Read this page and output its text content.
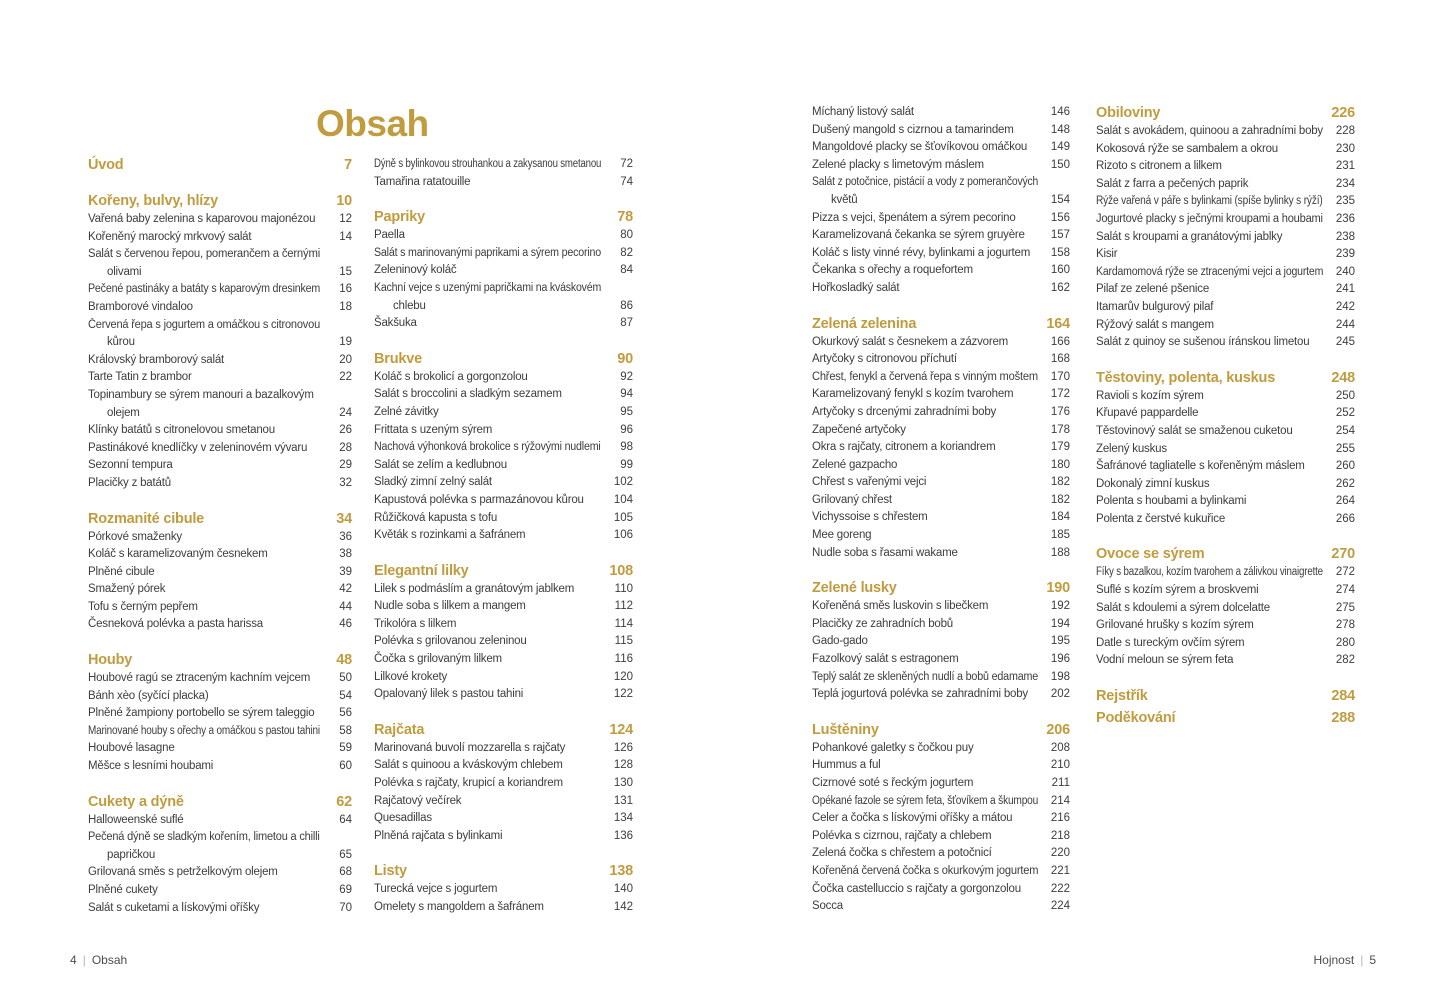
Obsah
Úvod	7
Kořeny, bulvy, hlízy	10
Vařená baby zelenina s kaparovou majonézou	12
Kořeněný marocký mrkvový salát	14
Salát s červenou řepou, pomerančem a černými
olivami	15
Pečené pastináky a batáty s kaparovým dresinkem	16
Bramborové vindaloo	18
Červená řepa s jogurtem a omáčkou s citronovou
kůrou	19
Královský bramborový salát	20
Tarte Tatin z brambor	22
Topinambury se sýrem manouri a bazalkovým
olejem	24
Klínky batátů s citronelovou smetanou	26
Pastinákové knedlíčky v zeleninovém vývaru	28
Sezonní tempura	29
Placičky z batátů	32
Rozmanité cibule	34
Pórkové smaženky	36
Koláč s karamelizovaným česnekem	38
Plněné cibule	39
Smažený pórek	42
Tofu s černým pepřem	44
Česneková polévka a pasta harissa	46
Houby	48
Houbové ragú se ztraceným kachním vejcem	50
Bánh xèo (syčící placka)	54
Plněné žampiony portobello se sýrem taleggio	56
Marinované houby s ořechy a omáčkou s pastou tahini	58
Houbové lasagne	59
Měšce s lesními houbami	60
Cukety a dýně	62
Halloweenské suflé	64
Pečená dýně se sladkým kořením, limetou a chilli
papričkou	65
Grilovaná směs s petrželkovým olejem	68
Plněné cukety	69
Salát s cuketami a lískovými oříšky	70
Dýně s bylinkovou strouhankou a zakysanou smetanou	72
Tamařina ratatouille	74
Papriky	78
Paella	80
Salát s marinovanými paprikami a sýrem pecorino	82
Zeleninový koláč	84
Kachní vejce s uzenými papričkami na kváskovém
chlebu	86
Šakšuka	87
Brukve	90
Koláč s brokolicí a gorgonzolou	92
Salát s broccolini a sladkým sezamem	94
Zelné závitky	95
Frittata s uzeným sýrem	96
Nachová výhonková brokolice s rýžovými nudlemi	98
Salát se zelím a kedlubnou	99
Sladký zimní zelný salát	102
Kapustová polévka s parmazánovou kůrou	104
Růžičková kapusta s tofu	105
Květák s rozinkami a šafránem	106
Elegantní lilky	108
Lilek s podmáslím a granátovým jablkem	110
Nudle soba s lilkem a mangem	112
Trikolóra s lilkem	114
Polévka s grilovanou zeleninou	115
Čočka s grilovaným lilkem	116
Lilkové krokety	120
Opalovaný lilek s pastou tahini	122
Rajčata	124
Marinovaná buvolí mozzarella s rajčaty	126
Salát s quinoou a kváskovým chlebem	128
Polévka s rajčaty, krupicí a koriandrem	130
Rajčatový večírek	131
Quesadillas	134
Plněná rajčata s bylinkami	136
Listy	138
Turecká vejce s jogurtem	140
Omelety s mangoldem a šafránem	142
Míchaný listový salát	146
Dušený mangold s cizrnou a tamarindem	148
Mangoldové placky se šťovíkovou omáčkou	149
Zelené placky s limetovým máslem	150
Salát z potočnice, pistácií a vody z pomerančových
květů	154
Pizza s vejci, špenátem a sýrem pecorino	156
Karamelizovaná čekanka se sýrem gruyère	157
Koláč s listy vinné révy, bylinkami a jogurtem	158
Čekanka s ořechy a roquefortem	160
Hořkosladký salát	162
Zelená zelenina	164
Okurkový salát s česnekem a zázvorem	166
Artyčoky s citronovou příchutí	168
Chřest, fenykl a červená řepa s vinným moštem	170
Karamelizovaný fenykl s kozím tvarohem	172
Artyčoky s drcenými zahradními boby	176
Zapečené artyčoky	178
Okra s rajčaty, citronem a koriandrem	179
Zelené gazpacho	180
Chřest s vařenými vejci	182
Grilovaný chřest	182
Vichyssoise s chřestem	184
Mee goreng	185
Nudle soba s řasami wakame	188
Zelené lusky	190
Kořeněná směs luskovin s libečkem	192
Placičky ze zahradních bobů	194
Gado-gado	195
Fazolkový salát s estragonem	196
Teplý salát ze skleněných nudlí a bobů edamame	198
Teplá jogurtová polévka se zahradními boby	202
Luštěniny	206
Pohankové galetky s čočkou puy	208
Hummus a ful	210
Cizrnové soté s řeckým jogurtem	211
Opékané fazole se sýrem feta, šťovíkem a škumpou	214
Celer a čočka s lískovými oříšky a mátou	216
Polévka s cizrnou, rajčaty a chlebem	218
Zelená čočka s chřestem a potočnicí	220
Kořeněná červená čočka s okurkovým jogurtem	221
Čočka castelluccio s rajčaty a gorgonzolou	222
Socca	224
Obiloviny	226
Salát s avokádem, quinoou a zahradními boby	228
Kokosová rýže se sambalem a okrou	230
Rizoto s citronem a lilkem	231
Salát z farra a pečených paprik	234
Rýže vařená v páře s bylinkami (spíše bylinky s rýží)	235
Jogurtové placky s ječnými kroupami a houbami	236
Salát s kroupami a granátovými jablky	238
Kisir	239
Kardamomová rýže se ztracenými vejci a jogurtem	240
Pilaf ze zelené pšenice	241
Itamarův bulgurový pilaf	242
Rýžový salát s mangem	244
Salát z quinoy se sušenou íránskou limetou	245
Těstoviny, polenta, kuskus	248
Ravioli s kozím sýrem	250
Křupavé pappardelle	252
Těstovinový salát se smaženou cuketou	254
Zelený kuskus	255
Šafránové tagliatelle s kořeněným máslem	260
Dokonalý zimní kuskus	262
Polenta s houbami a bylinkami	264
Polenta z čerstvé kukuřice	266
Ovoce se sýrem	270
Fíky s bazalkou, kozím tvarohem a zálivkou vinaigrette	272
Suflé s kozím sýrem a broskvemi	274
Salát s kdoulemi a sýrem dolcelatte	275
Grilované hrušky s kozím sýrem	278
Datle s tureckým ovčím sýrem	280
Vodní meloun se sýrem feta	282
Rejstřík	284
Poděkování	288
4 | Obsah	Hojnost | 5
